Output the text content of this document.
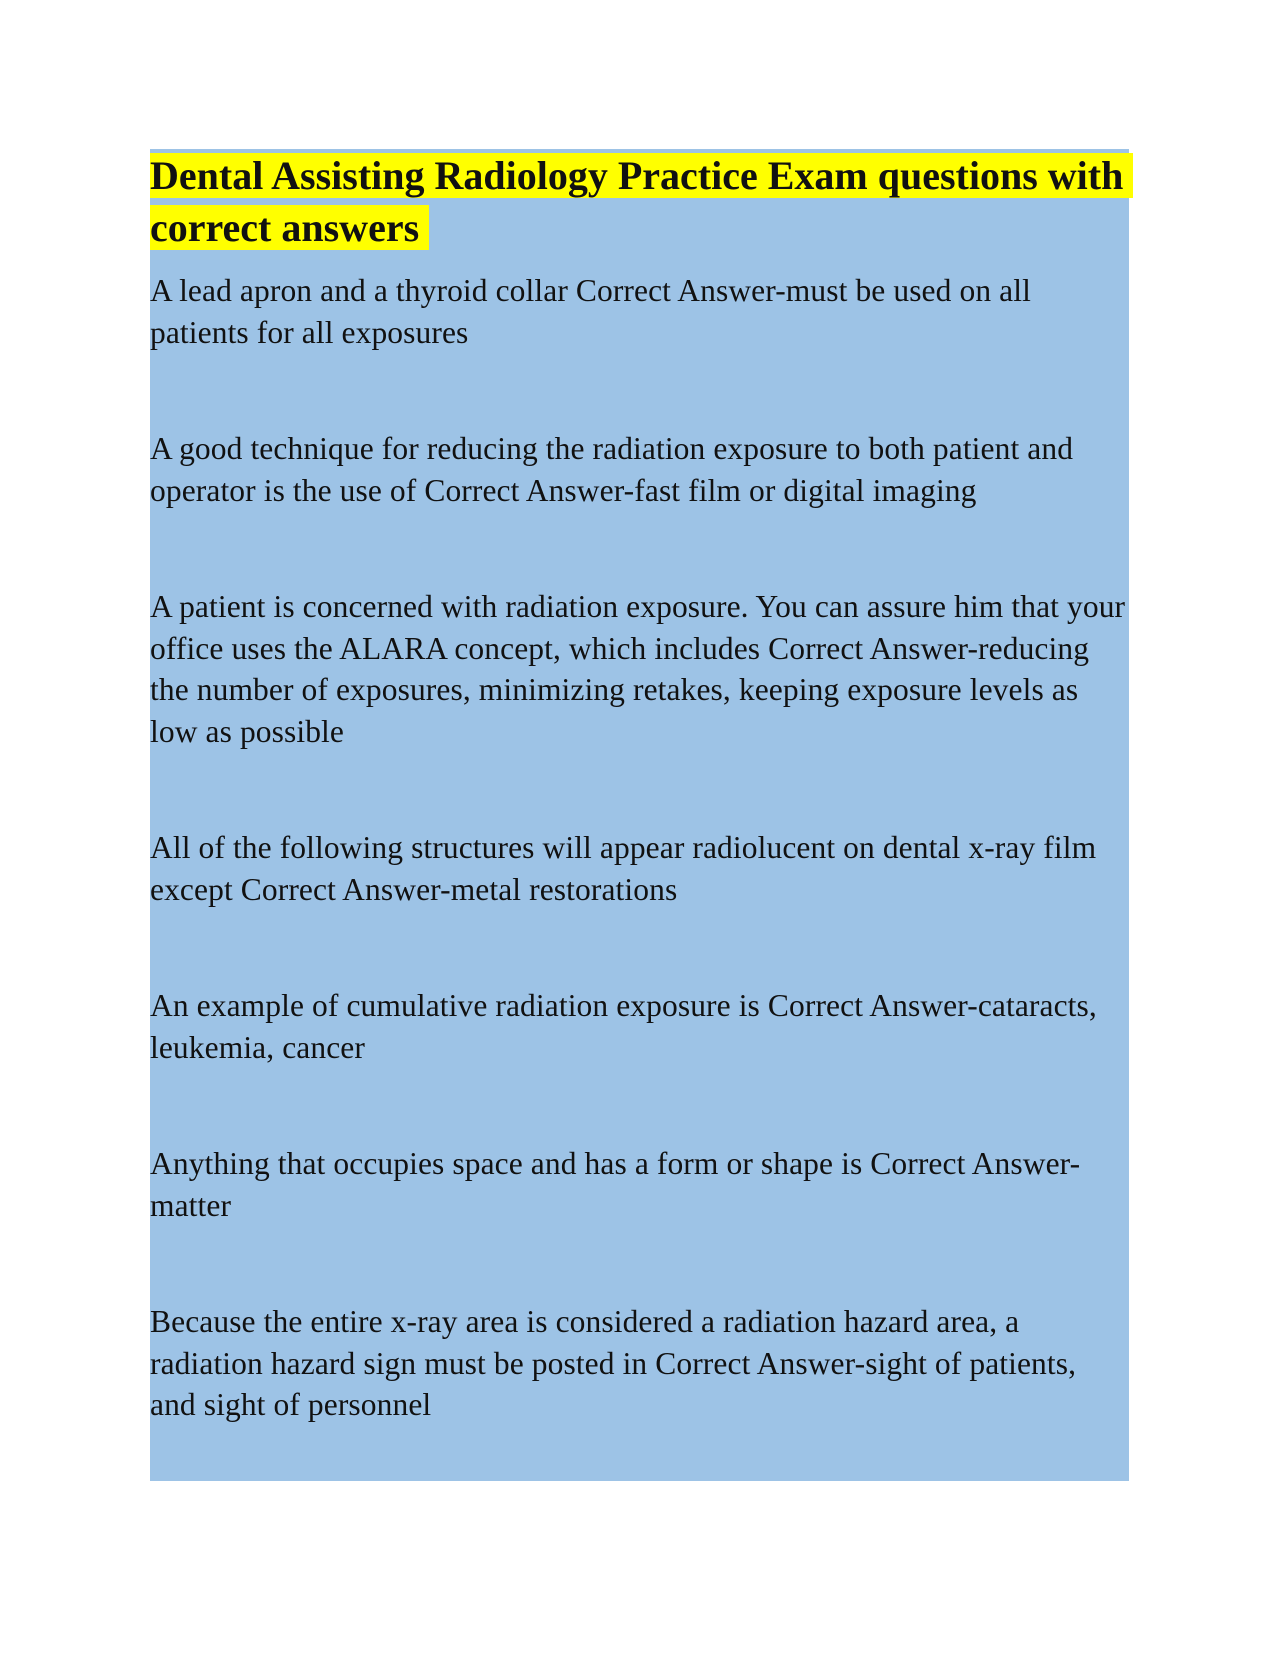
Dental Assisting Radiology Practice Exam questions with correct answers

A lead apron and a thyroid collar Correct Answer-must be used on all patients for all exposures

A good technique for reducing the radiation exposure to both patient and operator is the use of Correct Answer-fast film or digital imaging

A patient is concerned with radiation exposure. You can assure him that your office uses the ALARA concept, which includes Correct Answer-reducing the number of exposures, minimizing retakes, keeping exposure levels as low as possible

All of the following structures will appear radiolucent on dental x-ray film except Correct Answer-metal restorations

An example of cumulative radiation exposure is Correct Answer-cataracts, leukemia, cancer

Anything that occupies space and has a form or shape is Correct Answer-matter

Because the entire x-ray area is considered a radiation hazard area, a radiation hazard sign must be posted in Correct Answer-sight of patients, and sight of personnel
